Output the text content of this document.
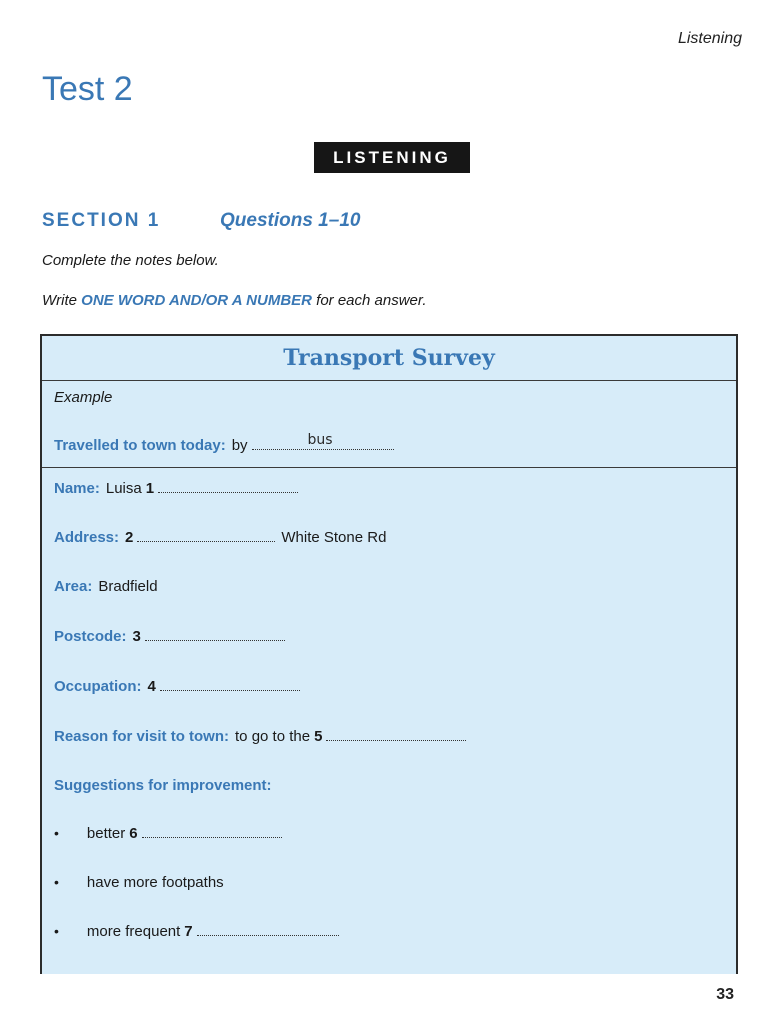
Listening
Test 2
LISTENING
SECTION 1	Questions 1–10
Complete the notes below.
Write ONE WORD AND/OR A NUMBER for each answer.
Transport Survey
Example
Travelled to town today: by	bus
Name: Luisa 1
Address: 2	White Stone Rd
Area: Bradfield
Postcode: 3
Occupation: 4
Reason for visit to town: to go to the 5
Suggestions for improvement:
• better 6
• have more footpaths
• more frequent 7
33
